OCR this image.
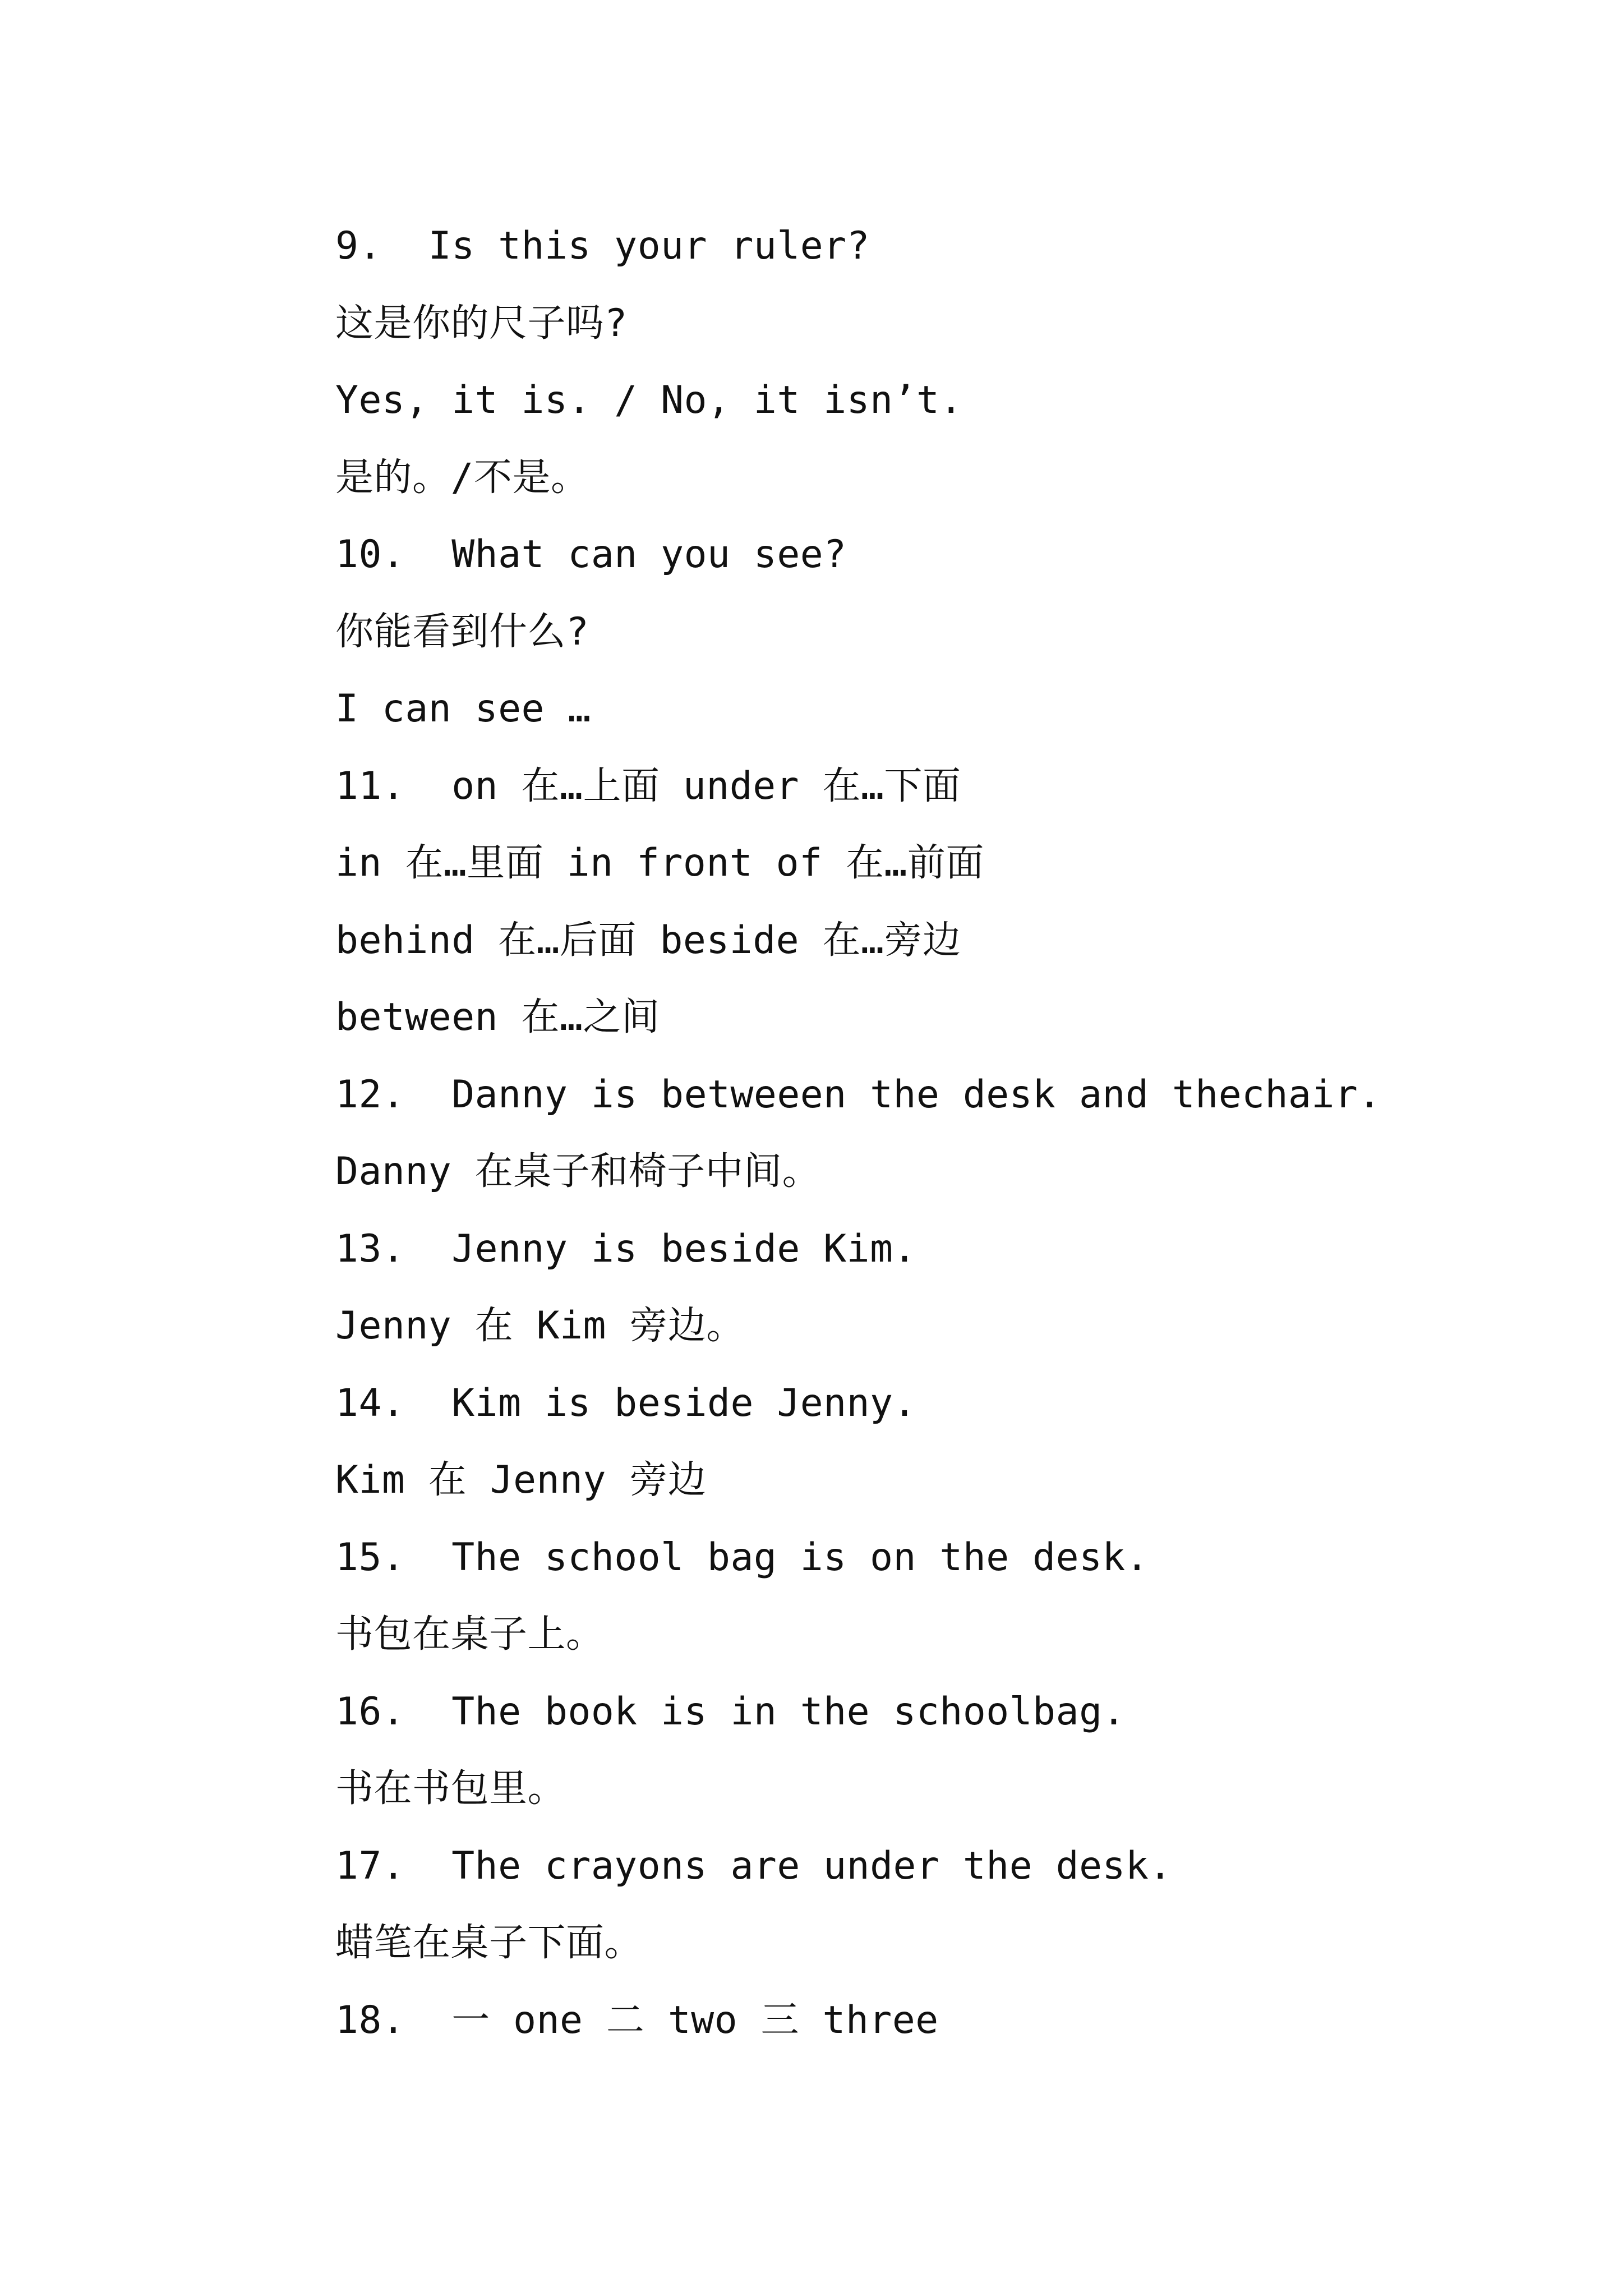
9.  Is this your ruler?
这是你的尺子吗?
Yes, it is. / No, it isn’t.
是的。/不是。
10.  What can you see?
你能看到什么?
I can see …
11.  on 在…上面 under 在…下面
in 在…里面 in front of 在…前面
behind 在…后面 beside 在…旁边
between 在…之间
12.  Danny is betweeen the desk and thechair.
Danny 在桌子和椅子中间。
13.  Jenny is beside Kim.
Jenny 在 Kim 旁边。
14.  Kim is beside Jenny.
Kim 在 Jenny 旁边
15.  The school bag is on the desk.
书包在桌子上。
16.  The book is in the schoolbag.
书在书包里。
17.  The crayons are under the desk.
蜡笔在桌子下面。
18.  一 one 二 two 三 three
